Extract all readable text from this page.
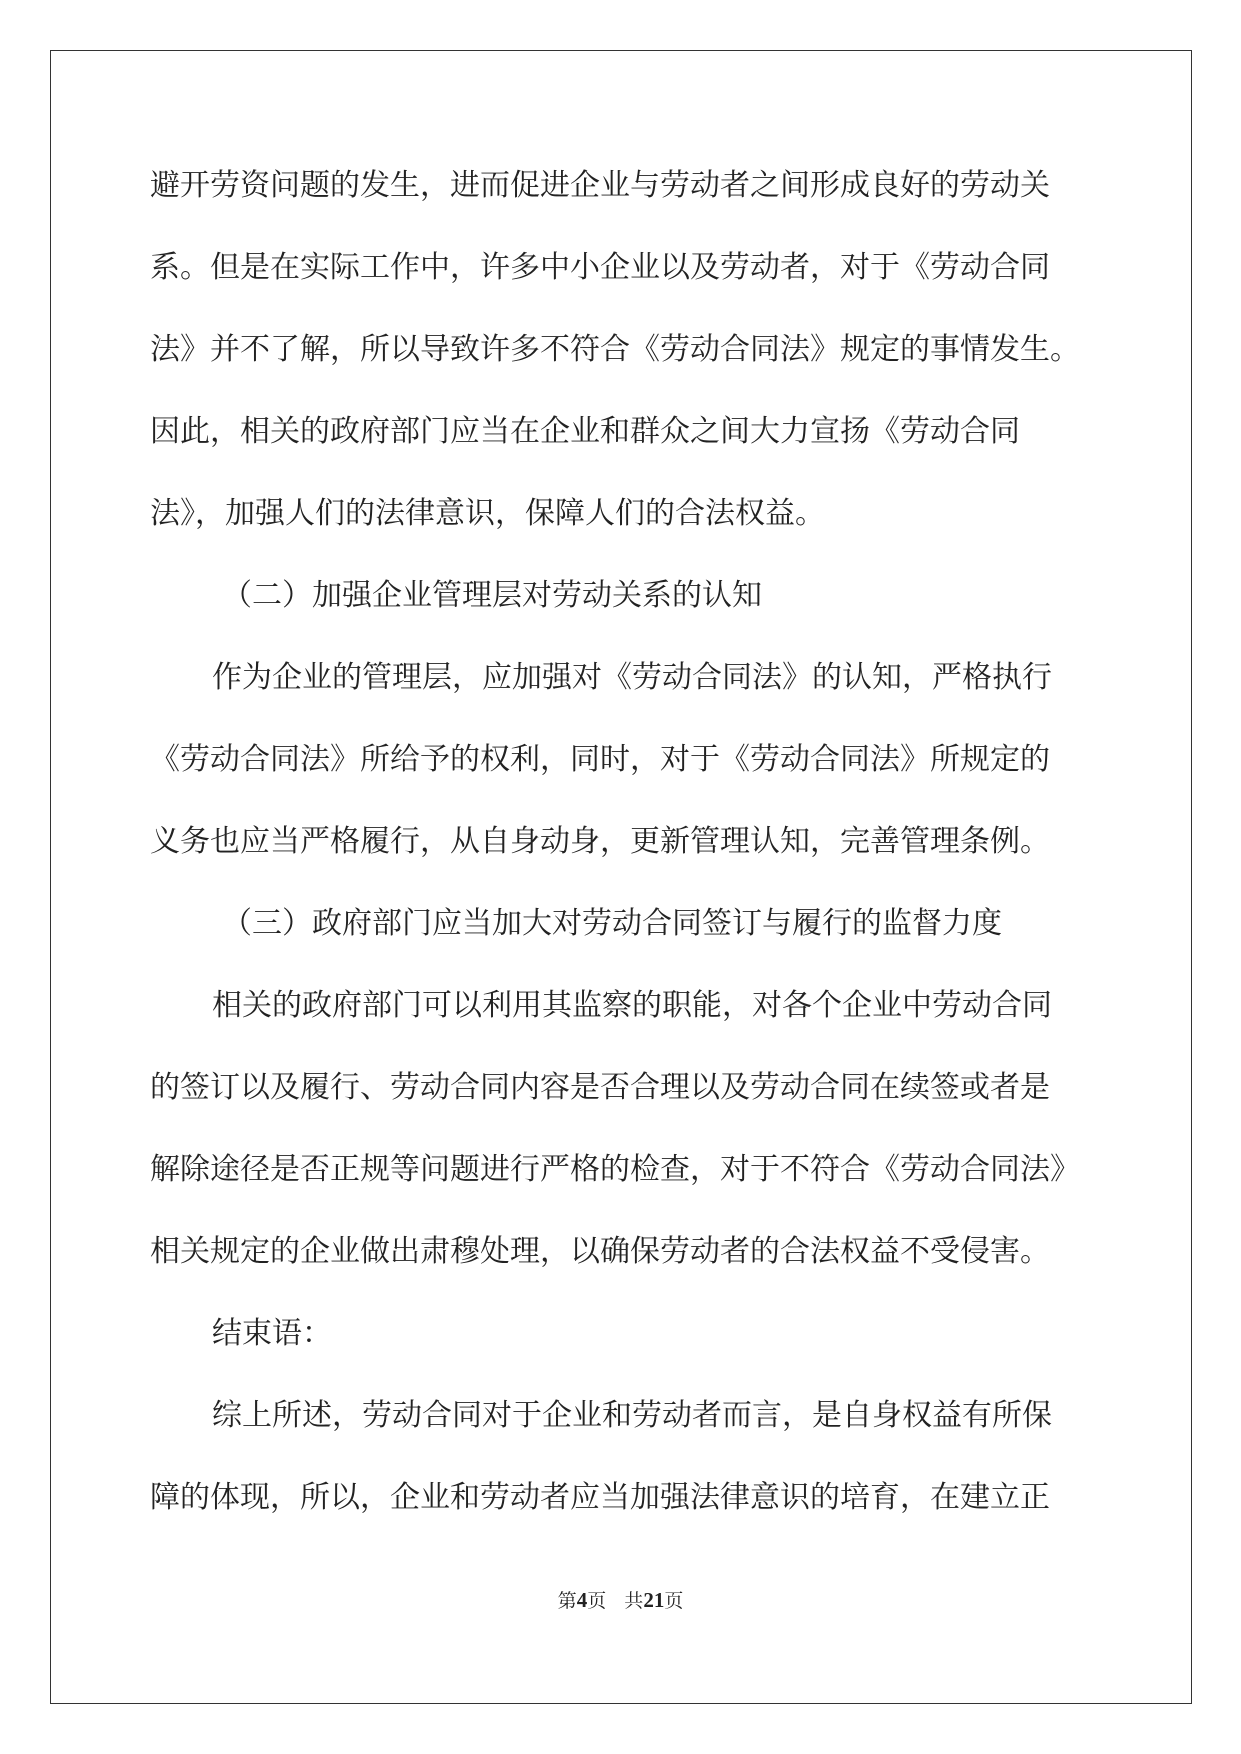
避开劳资问题的发生，进而促进企业与劳动者之间形成良好的劳动关
系。但是在实际工作中，许多中小企业以及劳动者，对于《劳动合同
法》并不了解，所以导致许多不符合《劳动合同法》规定的事情发生。
因此，相关的政府部门应当在企业和群众之间大力宣扬《劳动合同
法》，加强人们的法律意识，保障人们的合法权益。
（二）加强企业管理层对劳动关系的认知
作为企业的管理层，应加强对《劳动合同法》的认知，严格执行
《劳动合同法》所给予的权利，同时，对于《劳动合同法》所规定的
义务也应当严格履行，从自身动身，更新管理认知，完善管理条例。
（三）政府部门应当加大对劳动合同签订与履行的监督力度
相关的政府部门可以利用其监察的职能，对各个企业中劳动合同
的签订以及履行、劳动合同内容是否合理以及劳动合同在续签或者是
解除途径是否正规等问题进行严格的检查，对于不符合《劳动合同法》
相关规定的企业做出肃穆处理，以确保劳动者的合法权益不受侵害。
结束语：
综上所述，劳动合同对于企业和劳动者而言，是自身权益有所保
障的体现，所以，企业和劳动者应当加强法律意识的培育，在建立正
第4页   共21页
